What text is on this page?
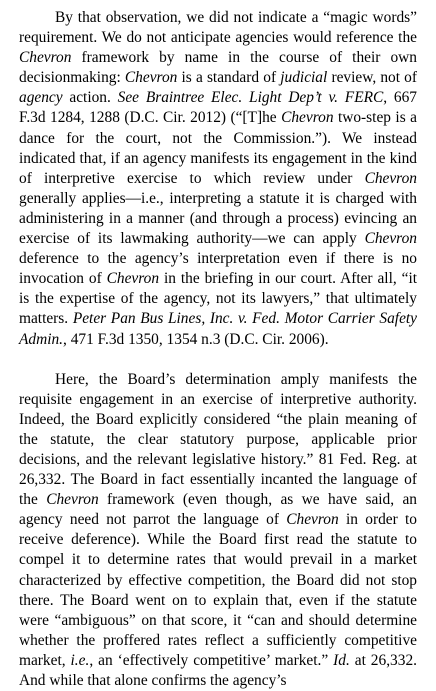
By that observation, we did not indicate a “magic words” requirement. We do not anticipate agencies would reference the Chevron framework by name in the course of their own decisionmaking: Chevron is a standard of judicial review, not of agency action. See Braintree Elec. Light Dep’t v. FERC, 667 F.3d 1284, 1288 (D.C. Cir. 2012) (“[T]he Chevron two-step is a dance for the court, not the Commission.”). We instead indicated that, if an agency manifests its engagement in the kind of interpretive exercise to which review under Chevron generally applies—i.e., interpreting a statute it is charged with administering in a manner (and through a process) evincing an exercise of its lawmaking authority—we can apply Chevron deference to the agency’s interpretation even if there is no invocation of Chevron in the briefing in our court. After all, “it is the expertise of the agency, not its lawyers,” that ultimately matters. Peter Pan Bus Lines, Inc. v. Fed. Motor Carrier Safety Admin., 471 F.3d 1350, 1354 n.3 (D.C. Cir. 2006).

Here, the Board’s determination amply manifests the requisite engagement in an exercise of interpretive authority. Indeed, the Board explicitly considered “the plain meaning of the statute, the clear statutory purpose, applicable prior decisions, and the relevant legislative history.” 81 Fed. Reg. at 26,332. The Board in fact essentially incanted the language of the Chevron framework (even though, as we have said, an agency need not parrot the language of Chevron in order to receive deference). While the Board first read the statute to compel it to determine rates that would prevail in a market characterized by effective competition, the Board did not stop there. The Board went on to explain that, even if the statute were “ambiguous” on that score, it “can and should determine whether the proffered rates reflect a sufficiently competitive market, i.e., an ‘effectively competitive’ market.” Id. at 26,332. And while that alone confirms the agency’s
